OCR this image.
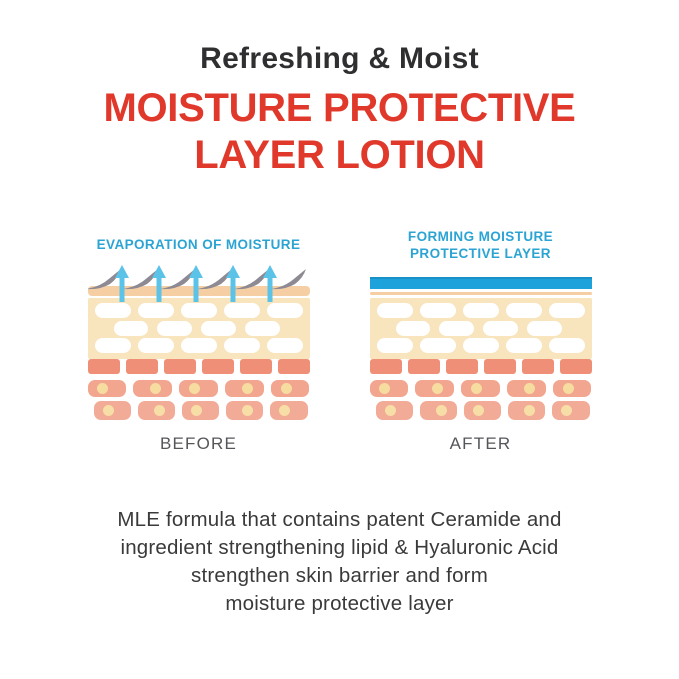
Refreshing & Moist
MOISTURE PROTECTIVE
LAYER LOTION
EVAPORATION OF MOISTURE
BEFORE
FORMING MOISTURE
PROTECTIVE LAYER
AFTER
MLE formula that contains patent Ceramide and
ingredient strengthening lipid & Hyaluronic Acid
strengthen skin barrier and form
moisture protective layer
